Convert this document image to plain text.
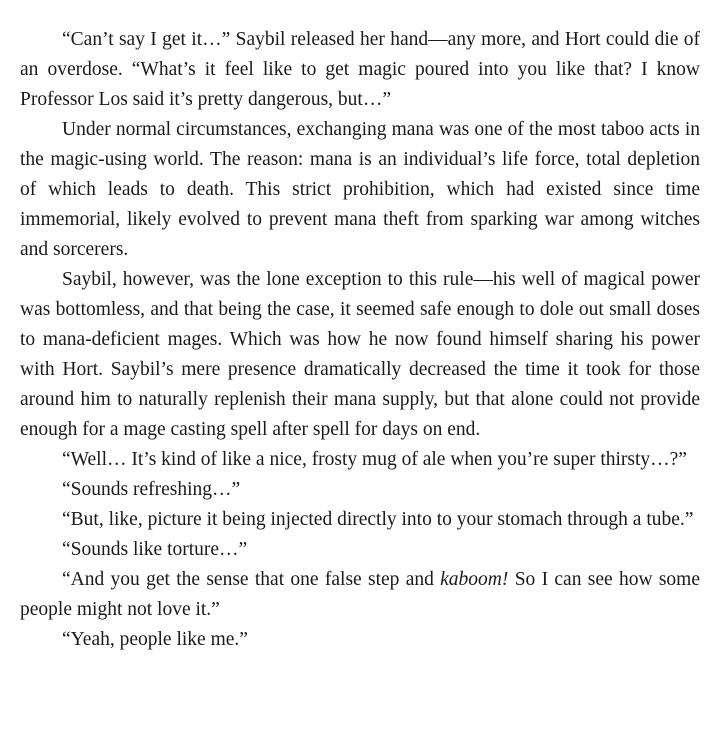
“Can’t say I get it…” Saybil released her hand—any more, and Hort could die of an overdose. “What’s it feel like to get magic poured into you like that? I know Professor Los said it’s pretty dangerous, but…”

Under normal circumstances, exchanging mana was one of the most taboo acts in the magic-using world. The reason: mana is an individual’s life force, total depletion of which leads to death. This strict prohibition, which had existed since time immemorial, likely evolved to prevent mana theft from sparking war among witches and sorcerers.

Saybil, however, was the lone exception to this rule—his well of magical power was bottomless, and that being the case, it seemed safe enough to dole out small doses to mana-deficient mages. Which was how he now found himself sharing his power with Hort. Saybil’s mere presence dramatically decreased the time it took for those around him to naturally replenish their mana supply, but that alone could not provide enough for a mage casting spell after spell for days on end.

“Well… It’s kind of like a nice, frosty mug of ale when you’re super thirsty…?”

“Sounds refreshing…”

“But, like, picture it being injected directly into to your stomach through a tube.”

“Sounds like torture…”

“And you get the sense that one false step and kaboom! So I can see how some people might not love it.”

“Yeah, people like me.”
